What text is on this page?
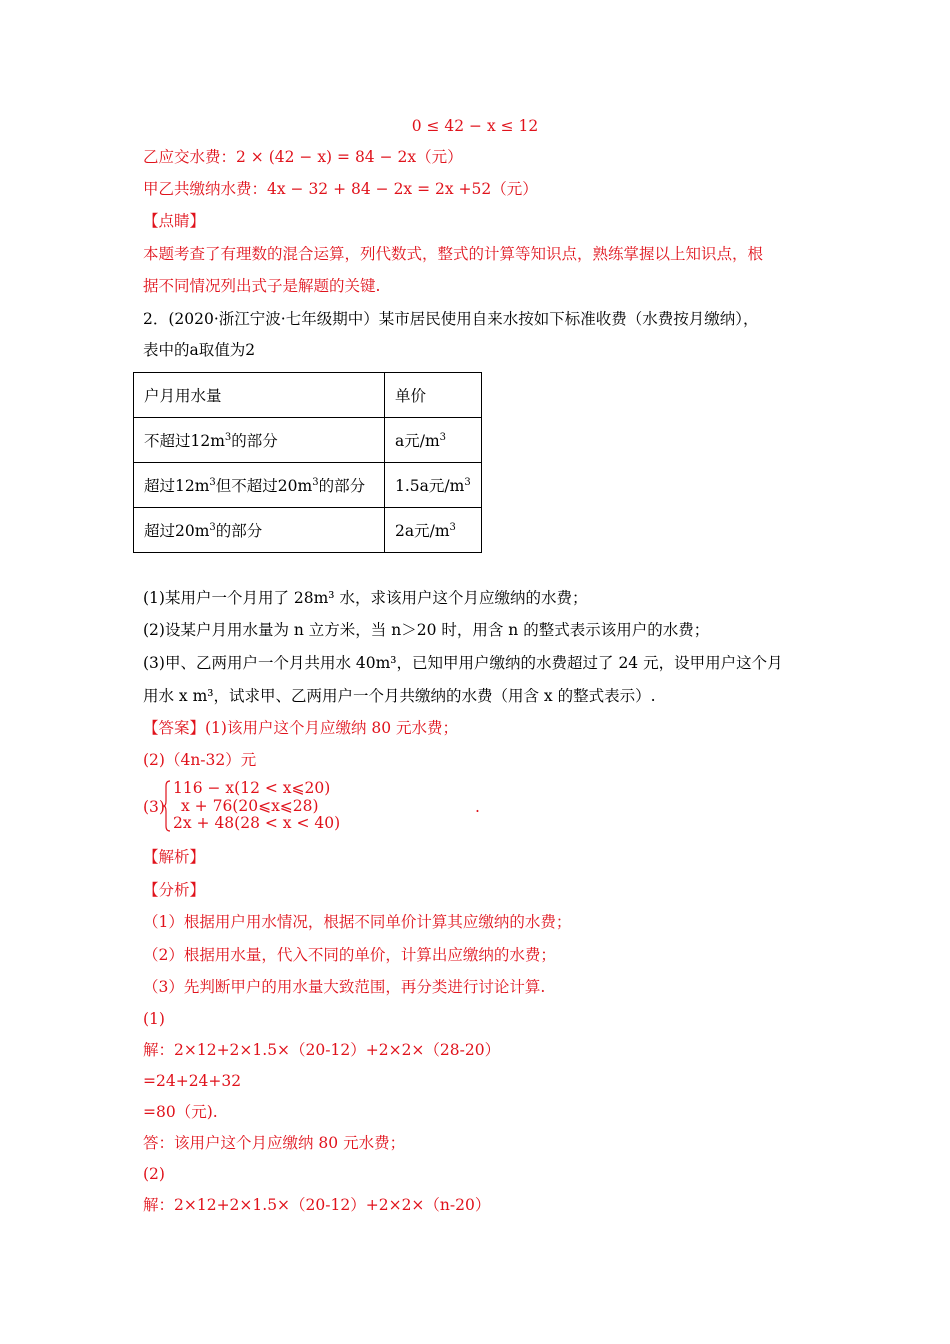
0 ≤ 42 − x ≤ 12
乙应交水费：2 × (42 − x) = 84 − 2x（元）
甲乙共缴纳水费：4x − 32 + 84 − 2x = 2x +52（元）
【点睛】
本题考查了有理数的混合运算，列代数式，整式的计算等知识点，熟练掌握以上知识点，根
据不同情况列出式子是解题的关键.
2．(2020·浙江宁波·七年级期中）某市居民使用自来水按如下标准收费（水费按月缴纳），
表中的a取值为2
户月用水量	单价
不超过$12m^3$的部分	a元$/m^3$
超过$12m^3$但不超过$20m^3$的部分	1.5a元$/m^3$
超过$20m^3$的部分	2a元$/m^3$
(1)某用户一个月用了 28m³ 水，求该用户这个月应缴纳的水费；
(2)设某户月用水量为 n 立方米，当 n＞20 时，用含 n 的整式表示该用户的水费；
(3)甲、乙两用户一个月共用水 40m³，已知甲用户缴纳的水费超过了 24 元，设甲用户这个月
用水 x m³，试求甲、乙两用户一个月共缴纳的水费（用含 x 的整式表示）.
【答案】(1)该用户这个月应缴纳 80 元水费；
(2)（4n-32）元
(3)
116 − x(12 < x⩽20)
x + 76(20⩽x⩽28)
2x + 48(28 < x < 40)
.
【解析】
【分析】
（1）根据用户用水情况，根据不同单价计算其应缴纳的水费；
（2）根据用水量，代入不同的单价，计算出应缴纳的水费；
（3）先判断甲户的用水量大致范围，再分类进行讨论计算.
(1)
解：2×12+2×1.5×（20-12）+2×2×（28-20）
=24+24+32
=80（元).
答：该用户这个月应缴纳 80 元水费；
(2)
解：2×12+2×1.5×（20-12）+2×2×（n-20）
